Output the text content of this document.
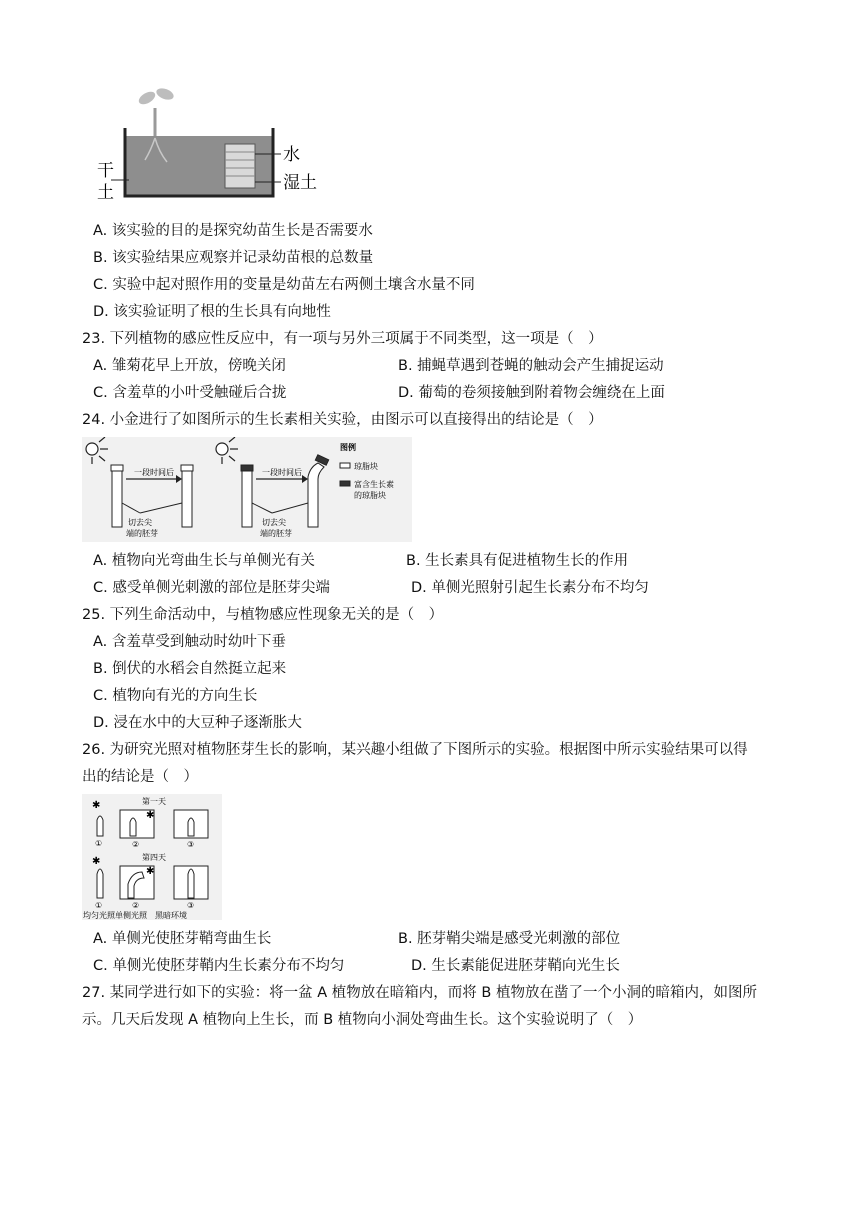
水
湿土
干
土
A. 该实验的目的是探究幼苗生长是否需要水
B. 该实验结果应观察并记录幼苗根的总数量
C. 实验中起对照作用的变量是幼苗左右两侧土壤含水量不同
D. 该实验证明了根的生长具有向地性
23. 下列植物的感应性反应中，有一项与另外三项属于不同类型，这一项是（　）
A. 雏菊花早上开放，傍晚关闭	B. 捕蝇草遇到苍蝇的触动会产生捕捉运动
C. 含羞草的小叶受触碰后合拢	D. 葡萄的卷须接触到附着物会缠绕在上面
24. 小金进行了如图所示的生长素相关实验，由图示可以直接得出的结论是（　）
一段时间后	一段时间后
切去尖
端的胚芽
切去尖
端的胚芽
图例
琼脂块
富含生长素
的琼脂块
A. 植物向光弯曲生长与单侧光有关	B. 生长素具有促进植物生长的作用
C. 感受单侧光刺激的部位是胚芽尖端	D. 单侧光照射引起生长素分布不均匀
25. 下列生命活动中，与植物感应性现象无关的是（　）
A. 含羞草受到触动时幼叶下垂
B. 倒伏的水稻会自然挺立起来
C. 植物向有光的方向生长
D. 浸在水中的大豆种子逐渐胀大
26. 为研究光照对植物胚芽生长的影响，某兴趣小组做了下图所示的实验。根据图中所示实验结果可以得
出的结论是（　）
第一天
✱
①
✱
②	③
第四天
✱
①
✱
②	③
均匀光照单侧光照　黑暗环境
A. 单侧光使胚芽鞘弯曲生长	B. 胚芽鞘尖端是感受光刺激的部位
C. 单侧光使胚芽鞘内生长素分布不均匀	D. 生长素能促进胚芽鞘向光生长
27. 某同学进行如下的实验：将一盆 A 植物放在暗箱内，而将 B 植物放在凿了一个小洞的暗箱内，如图所
示。几天后发现 A 植物向上生长，而 B 植物向小洞处弯曲生长。这个实验说明了（　）
